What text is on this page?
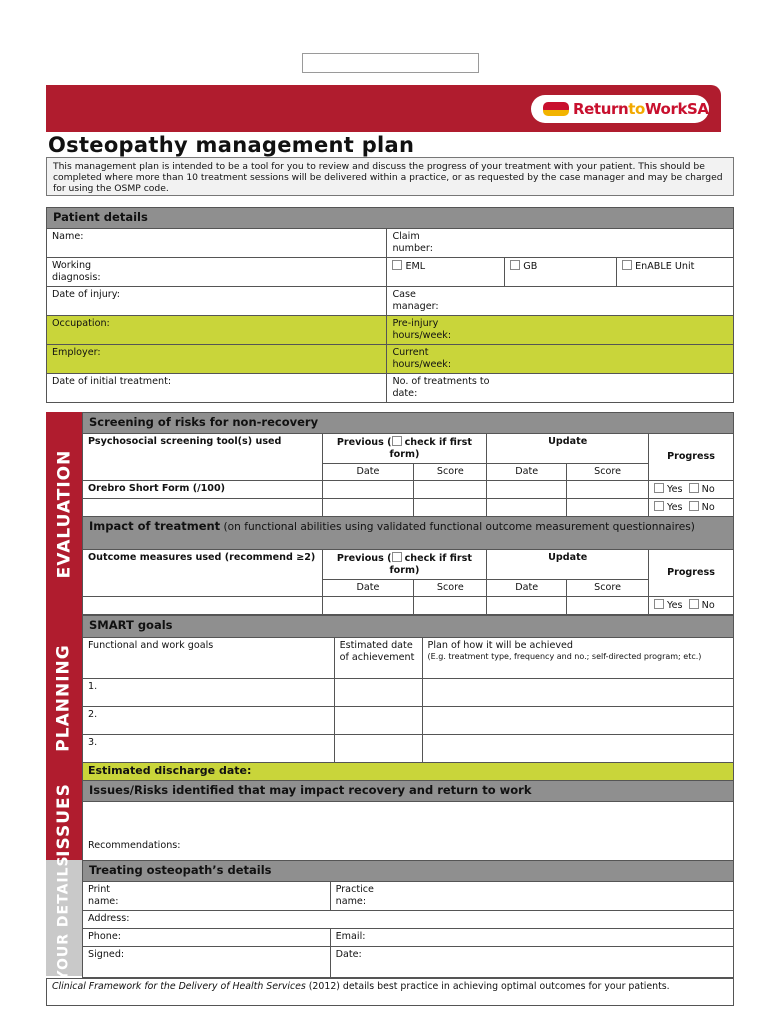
ReturntoWorkSA
Osteopathy management plan
This management plan is intended to be a tool for you to review and discuss the progress of your treatment with your patient. This should be completed where more than 10 treatment sessions will be delivered within a practice, or as requested by the case manager and may be charged for using the OSMP code.
Patient details			
Name:	Claim number:		

Working diagnosis:	EML	GB	EnABLE Unit
Date of injury:	Case manager:		

Occupation:	Pre-injury hours/week:		

Employer:	Current hours/week:		

Date of initial treatment:	No. of treatments to date:		
EVALUATION
PLANNING
ISSUES
YOUR DETAILS
Screening of risks for non-recovery					
Psychosocial screening tool(s) used	Previous ( check if first form)		Update		Progress
	Date	Score	Date	Score	
Orebro Short Form (/100)					Yes No
					Yes No
Impact of treatment (on functional abilities using validated functional outcome measurement questionnaires)					
Outcome measures used (recommend ≥2)	Previous ( check if first form)		Update		Progress
	Date	Score	Date	Score	
					Yes No

SMART goals		
Functional and work goals	Estimated date of achievement	Plan of how it will be achieved
(E.g. treatment type, frequency and no.; self-directed program; etc.)

1.		
2.		
3.		
Estimated discharge date:		
Issues/Risks identified that may impact recovery and return to work
Recommendations:
Treating osteopath’s details	

Print name:	Practice name:

Address:	
Phone:	Email:
Signed:	Date:
Clinical Framework for the Delivery of Health Services (2012) details best practice in achieving optimal outcomes for your patients.
